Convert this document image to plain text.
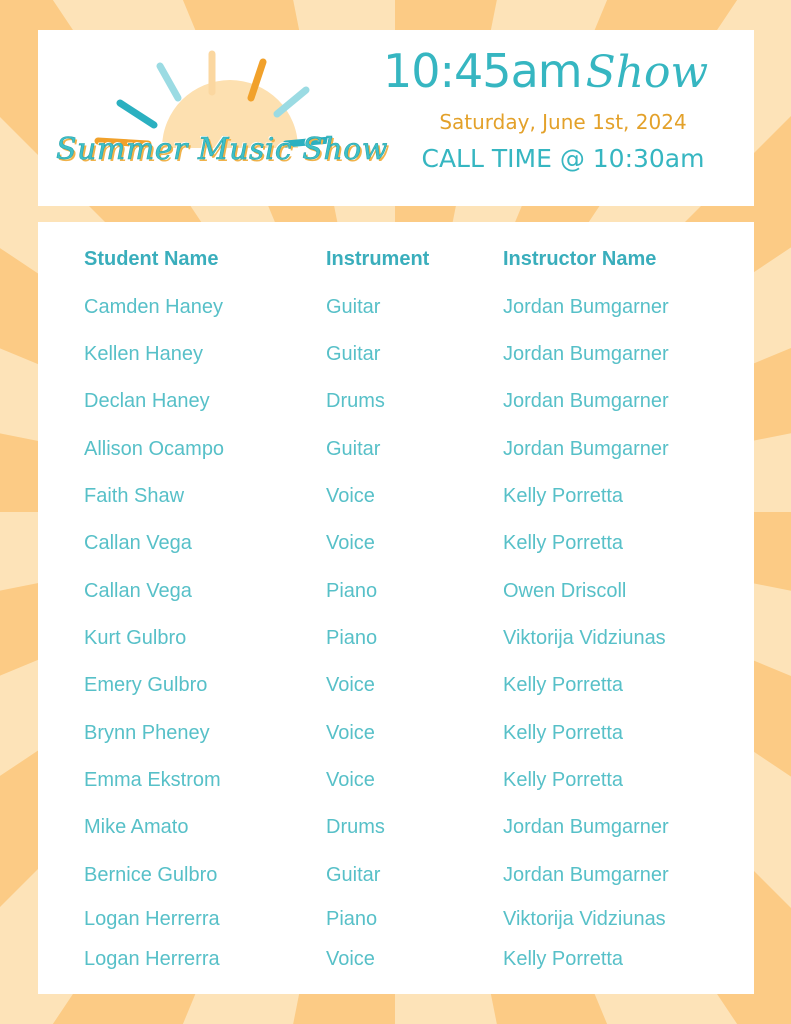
Summer Music Show
10:45amShow
Saturday, June 1st, 2024
CALL TIME @ 10:30am
Student Name	Instrument	Instructor Name
Camden Haney	Guitar	Jordan Bumgarner
Kellen Haney	Guitar	Jordan Bumgarner
Declan Haney	Drums	Jordan Bumgarner
Allison Ocampo	Guitar	Jordan Bumgarner
Faith Shaw	Voice	Kelly Porretta
Callan Vega	Voice	Kelly Porretta
Callan Vega	Piano	Owen Driscoll
Kurt Gulbro	Piano	Viktorija Vidziunas
Emery Gulbro	Voice	Kelly Porretta
Brynn Pheney	Voice	Kelly Porretta
Emma Ekstrom	Voice	Kelly Porretta
Mike Amato	Drums	Jordan Bumgarner
Bernice Gulbro	Guitar	Jordan Bumgarner
Logan Herrerra	Piano	Viktorija Vidziunas
Logan Herrerra	Voice	Kelly Porretta
